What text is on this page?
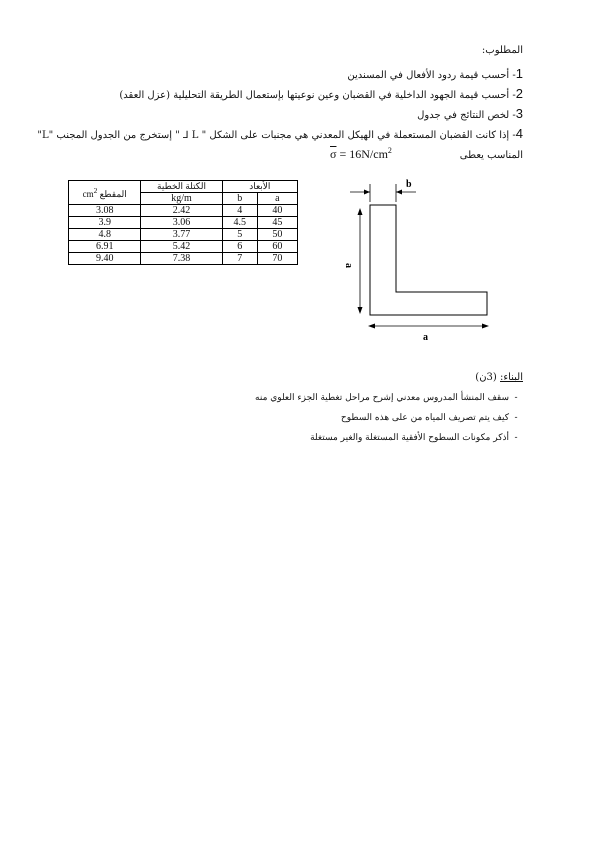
المطلوب:
1- أحسب قيمة ردود الأفعال في المسندين
2- أحسب قيمة الجهود الداخلية في القضبان وعين نوعيتها بإستعمال الطريقة التحليلية (عزل العقد)
3- لخص النتائج في جدول
4- إذا كانت القضبان المستعملة في الهيكل المعدني هي مجنبات على الشكل " L ⅃ " إستخرج من الجدول المجنب "L"
المناسب يعطى
$\overline{\sigma} = 16N/cm^2$
$cm^2$ المقطع	الكتلة الخطية	الأبعاد	
	kg/m	b	a
3.08	2.42	4	40
3.9	3.06	4.5	45
4.8	3.77	5	50
6.91	5.42	6	60
9.40	7.38	7	70
b
a
a
البناء: (3ن)
-سقف المنشأ المدروس معدني إشرح مراحل تغطية الجزء العلوي منه
-كيف يتم تصريف المياه من على هذه السطوح
-أذكر مكونات السطوح الأفقية المستغلة والغير مستغلة
